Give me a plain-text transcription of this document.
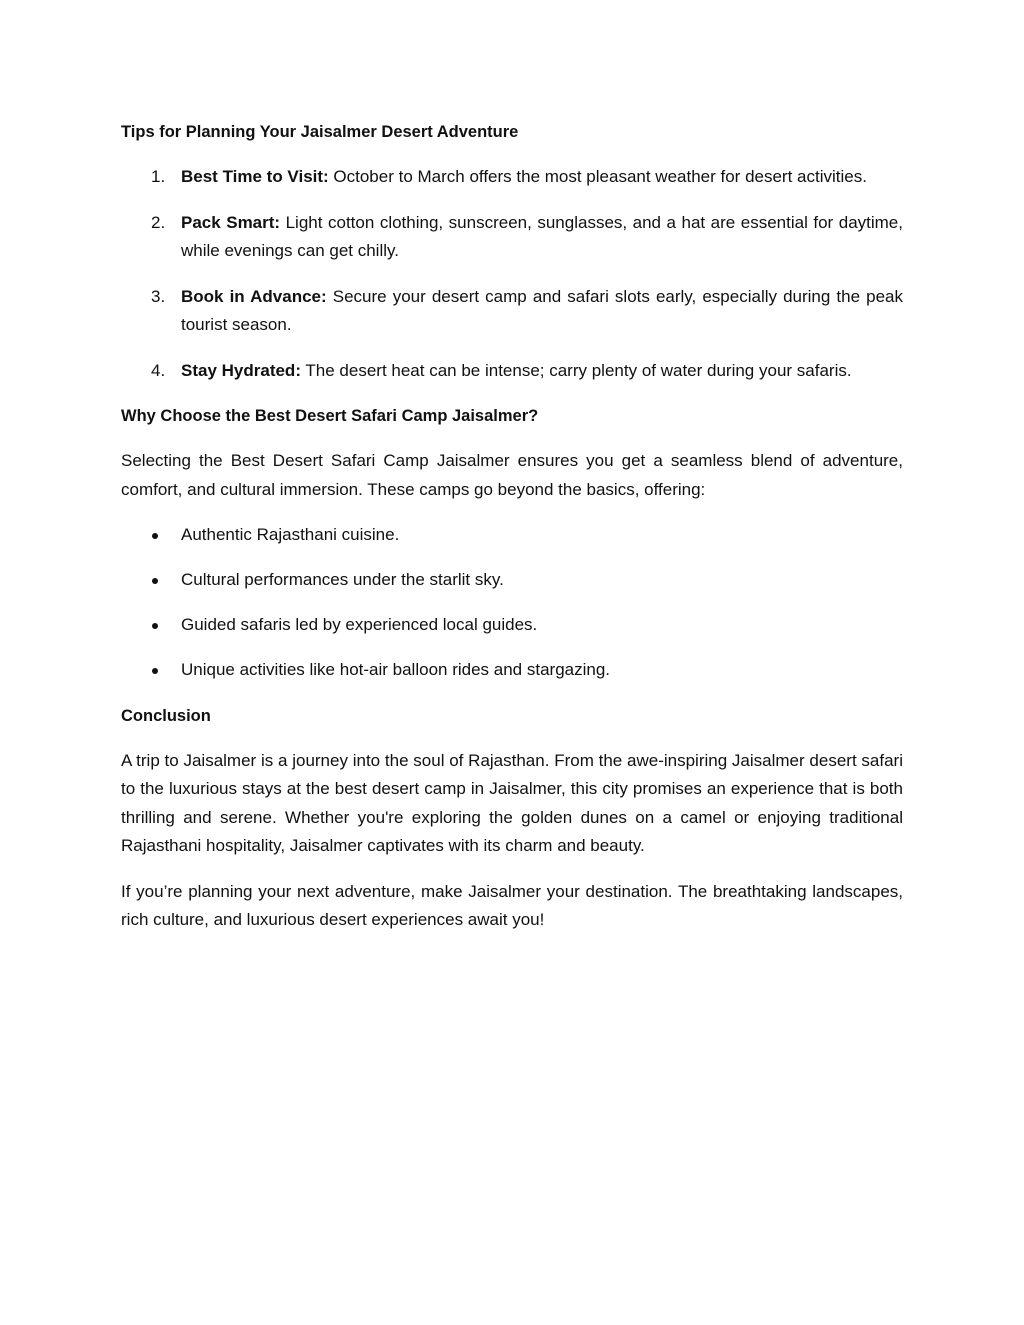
Tips for Planning Your Jaisalmer Desert Adventure
1. Best Time to Visit: October to March offers the most pleasant weather for desert activities.
2. Pack Smart: Light cotton clothing, sunscreen, sunglasses, and a hat are essential for daytime, while evenings can get chilly.
3. Book in Advance: Secure your desert camp and safari slots early, especially during the peak tourist season.
4. Stay Hydrated: The desert heat can be intense; carry plenty of water during your safaris.
Why Choose the Best Desert Safari Camp Jaisalmer?

Selecting the Best Desert Safari Camp Jaisalmer ensures you get a seamless blend of adventure, comfort, and cultural immersion. These camps go beyond the basics, offering:

Authentic Rajasthani cuisine.
Cultural performances under the starlit sky.
Guided safaris led by experienced local guides.
Unique activities like hot-air balloon rides and stargazing.
Conclusion

A trip to Jaisalmer is a journey into the soul of Rajasthan. From the awe-inspiring Jaisalmer desert safari to the luxurious stays at the best desert camp in Jaisalmer, this city promises an experience that is both thrilling and serene. Whether you're exploring the golden dunes on a camel or enjoying traditional Rajasthani hospitality, Jaisalmer captivates with its charm and beauty.

If you’re planning your next adventure, make Jaisalmer your destination. The breathtaking landscapes, rich culture, and luxurious desert experiences await you!
